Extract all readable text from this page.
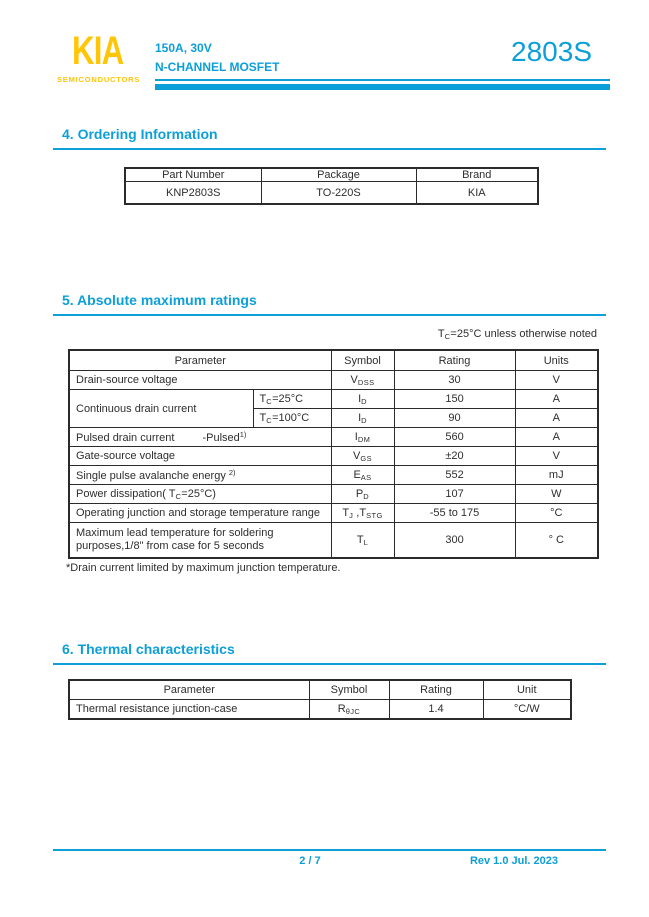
KIA
SEMICONDUCTORS
150A, 30V
N-CHANNEL MOSFET	2803S
4. Ordering Information
Part Number	Package	Brand
KNP2803S	TO-220S	KIA
5. Absolute maximum ratings
TC=25°C unless otherwise noted
Parameter		Symbol	Rating	Units
Drain-source voltage		VDSS	30	V
Continuous drain current	TC=25°C	ID	150	A
	TC=100°C	ID	90	A
Pulsed drain current -Pulsed$^{1)}$		IDM	560	A
Gate-source voltage		VGS	±20	V
Single pulse avalanche energy $^{2)}$		EAS	552	mJ
Power dissipation( TC=25°C)		PD	107	W
Operating junction and storage temperature range		TJ ,TSTG	-55 to 175	°C
Maximum lead temperature for soldering
purposes,1/8" from case for 5 seconds		TL	300	° C
*Drain current limited by maximum junction temperature.
6. Thermal characteristics
Parameter	Symbol	Rating	Unit
Thermal resistance junction-case	RθJC	1.4	°C/W
2 / 7	Rev 1.0 Jul. 2023
